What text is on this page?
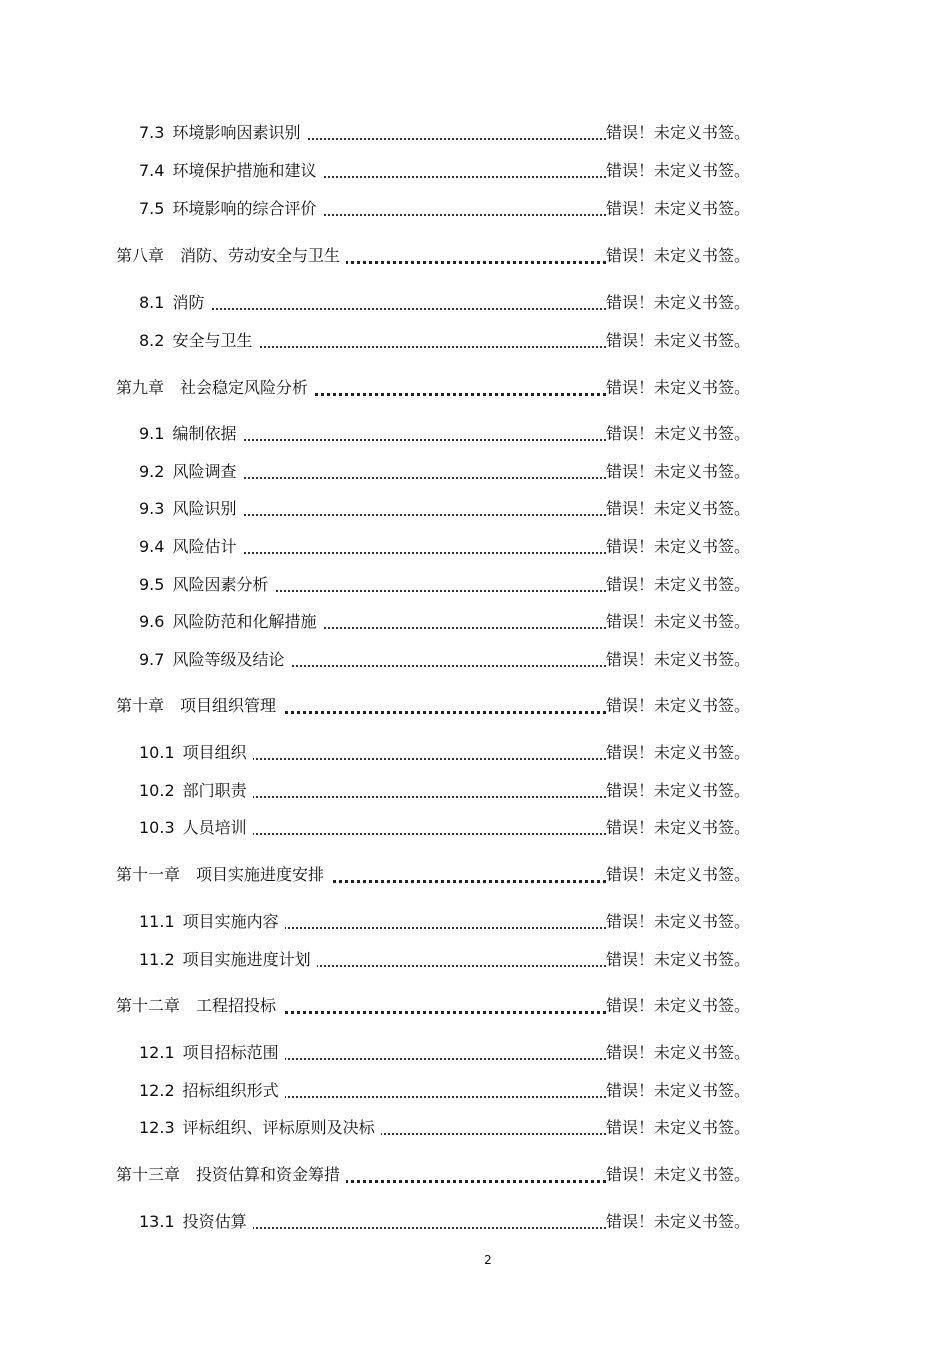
7.3 环境影响因素识别	错误！未定义书签。
7.4 环境保护措施和建议	错误！未定义书签。
7.5 环境影响的综合评价	错误！未定义书签。
第八章 消防、劳动安全与卫生	错误！未定义书签。
8.1 消防	错误！未定义书签。
8.2 安全与卫生	错误！未定义书签。
第九章 社会稳定风险分析	错误！未定义书签。
9.1 编制依据	错误！未定义书签。
9.2 风险调查	错误！未定义书签。
9.3 风险识别	错误！未定义书签。
9.4 风险估计	错误！未定义书签。
9.5 风险因素分析	错误！未定义书签。
9.6 风险防范和化解措施	错误！未定义书签。
9.7 风险等级及结论	错误！未定义书签。
第十章 项目组织管理	错误！未定义书签。
10.1 项目组织	错误！未定义书签。
10.2 部门职责	错误！未定义书签。
10.3 人员培训	错误！未定义书签。
第十一章 项目实施进度安排	错误！未定义书签。
11.1 项目实施内容	错误！未定义书签。
11.2 项目实施进度计划	错误！未定义书签。
第十二章 工程招投标	错误！未定义书签。
12.1 项目招标范围	错误！未定义书签。
12.2 招标组织形式	错误！未定义书签。
12.3 评标组织、评标原则及决标	错误！未定义书签。
第十三章 投资估算和资金筹措	错误！未定义书签。
13.1 投资估算	错误！未定义书签。
2
